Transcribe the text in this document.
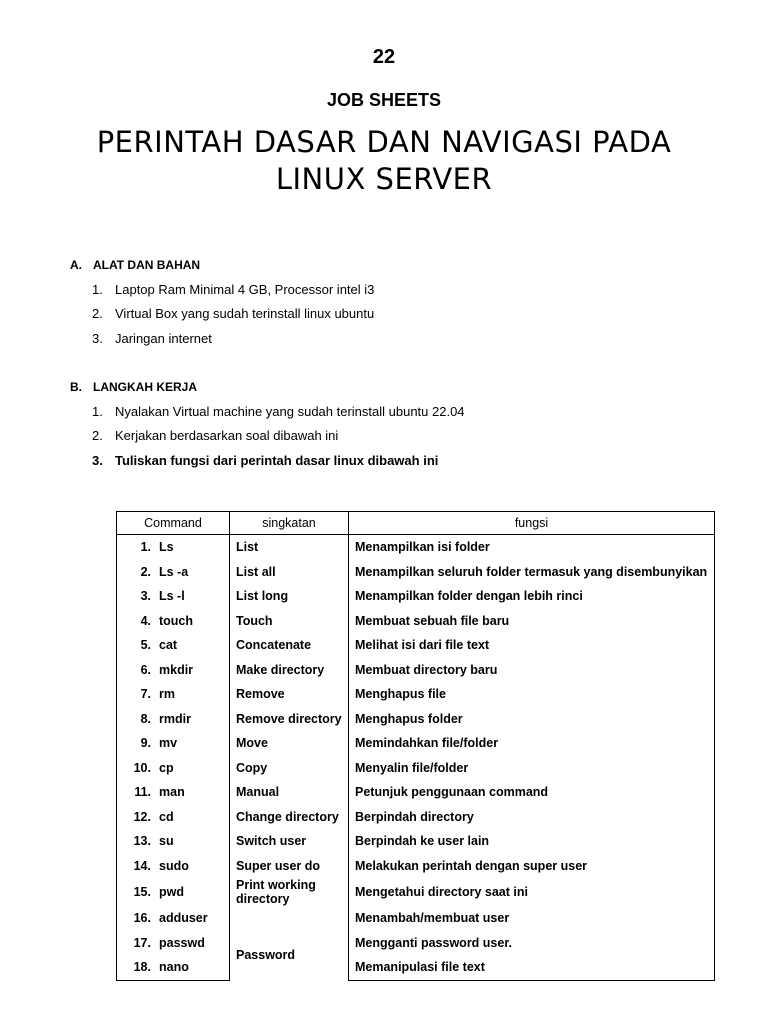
22
JOB SHEETS
PERINTAH DASAR DAN NAVIGASI PADA
LINUX SERVER
A. ALAT DAN BAHAN
1. Laptop Ram Minimal 4 GB, Processor intel i3
2. Virtual Box yang sudah terinstall linux ubuntu
3. Jaringan internet
B. LANGKAH KERJA
1. Nyalakan Virtual machine yang sudah terinstall ubuntu 22.04
2. Kerjakan berdasarkan soal dibawah ini
3. Tuliskan fungsi dari perintah dasar linux dibawah ini
Command	singkatan	fungsi
1. Ls	List	Menampilkan isi folder
2. Ls -a	List all	Menampilkan seluruh folder termasuk yang disembunyikan
3. Ls -l	List long	Menampilkan folder dengan lebih rinci
4. touch	Touch	Membuat sebuah file baru
5. cat	Concatenate	Melihat isi dari file text
6. mkdir	Make directory	Membuat directory baru
7. rm	Remove	Menghapus file
8. rmdir	Remove directory	Menghapus folder
9. mv	Move	Memindahkan file/folder
10. cp	Copy	Menyalin file/folder
11. man	Manual	Petunjuk penggunaan command
12. cd	Change directory	Berpindah directory
13. su	Switch user	Berpindah ke user lain
14. sudo	Super user do	Melakukan perintah dengan super user
15. pwd	Print working directory	Mengetahui directory saat ini
16. adduser		Menambah/membuat user
17. passwd	Password	Mengganti password user.
18. nano		Memanipulasi file text
